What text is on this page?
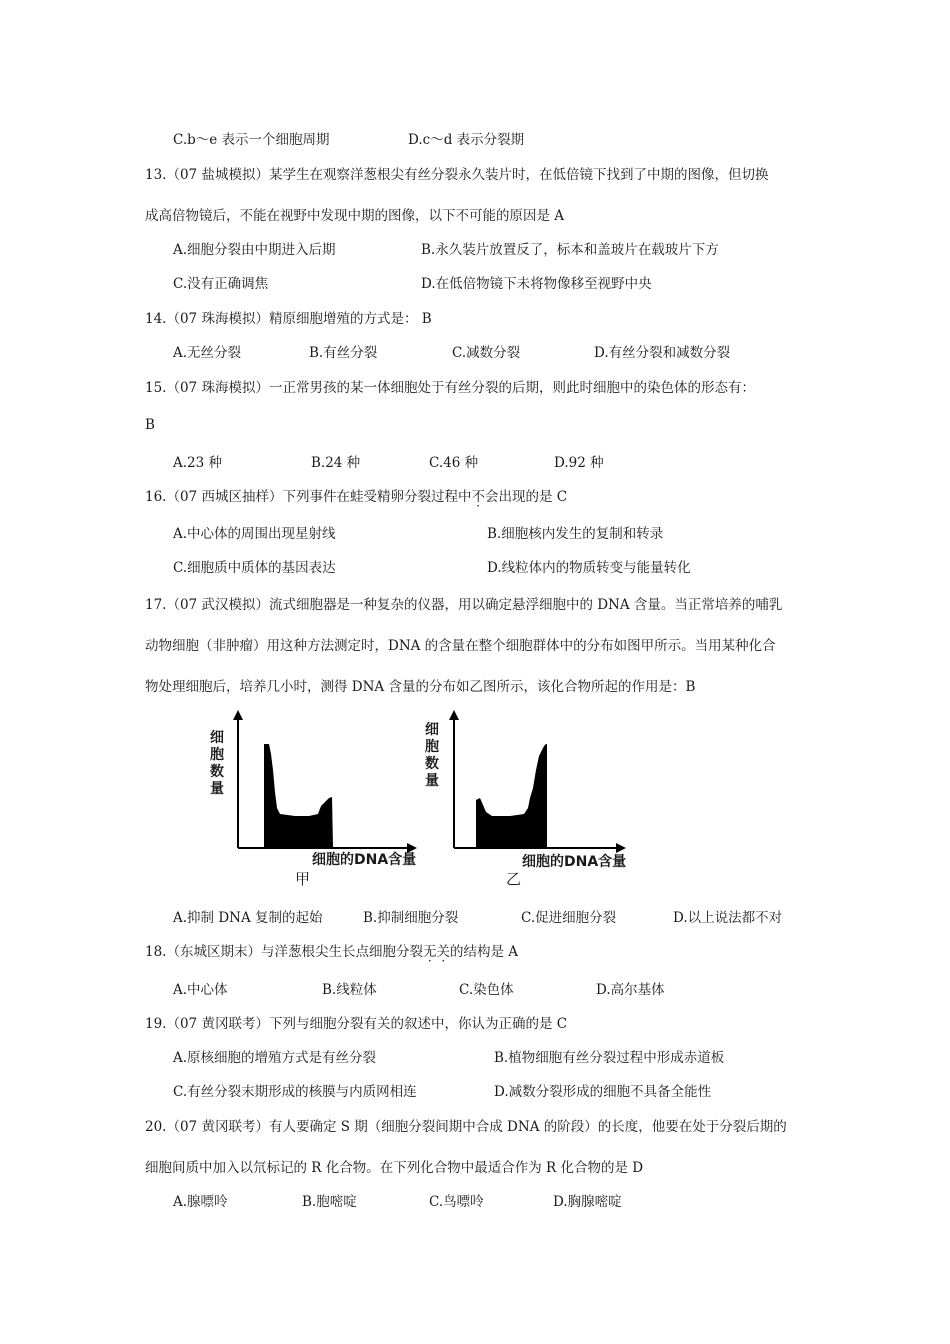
C.b～e 表示一个细胞周期	D.c～d 表示分裂期
13.（07 盐城模拟）某学生在观察洋葱根尖有丝分裂永久装片时，在低倍镜下找到了中期的图像，但切换
成高倍物镜后，不能在视野中发现中期的图像，以下不可能的原因是 A
A.细胞分裂由中期进入后期	B.永久装片放置反了，标本和盖玻片在载玻片下方
C.没有正确调焦	D.在低倍物镜下未将物像移至视野中央
14.（07 珠海模拟）精原细胞增殖的方式是： B
A.无丝分裂	B.有丝分裂	C.减数分裂	D.有丝分裂和减数分裂
15.（07 珠海模拟）一正常男孩的某一体细胞处于有丝分裂的后期，则此时细胞中的染色体的形态有：
B
A.23 种	B.24 种	C.46 种	D.92 种
16.（07 西城区抽样）下列事件在蛙受精卵分裂过程中不会出现的是 C
A.中心体的周围出现星射线	B.细胞核内发生的复制和转录
C.细胞质中质体的基因表达	D.线粒体内的物质转变与能量转化
17.（07 武汉模拟）流式细胞器是一种复杂的仪器，用以确定悬浮细胞中的 DNA 含量。当正常培养的哺乳
动物细胞（非肿瘤）用这种方法测定时，DNA 的含量在整个细胞群体中的分布如图甲所示。当用某种化合
物处理细胞后，培养几小时，测得 DNA 含量的分布如乙图所示，该化合物所起的作用是：B
细
胞
数
量
细胞的DNA含量
甲
细
胞
数
量
细胞的DNA含量
乙
A.抑制 DNA 复制的起始	B.抑制细胞分裂	C.促进细胞分裂	D.以上说法都不对
18.（东城区期末）与洋葱根尖生长点细胞分裂无关的结构是 A
A.中心体	B.线粒体	C.染色体	D.高尔基体
19.（07 黄冈联考）下列与细胞分裂有关的叙述中，你认为正确的是 C
A.原核细胞的增殖方式是有丝分裂	B.植物细胞有丝分裂过程中形成赤道板
C.有丝分裂末期形成的核膜与内质网相连	D.减数分裂形成的细胞不具备全能性
20.（07 黄冈联考）有人要确定 S 期（细胞分裂间期中合成 DNA 的阶段）的长度，他要在处于分裂后期的
细胞间质中加入以氘标记的 R 化合物。在下列化合物中最适合作为 R 化合物的是 D
A.腺嘌呤	B.胞嘧啶	C.鸟嘌呤	D.胸腺嘧啶
